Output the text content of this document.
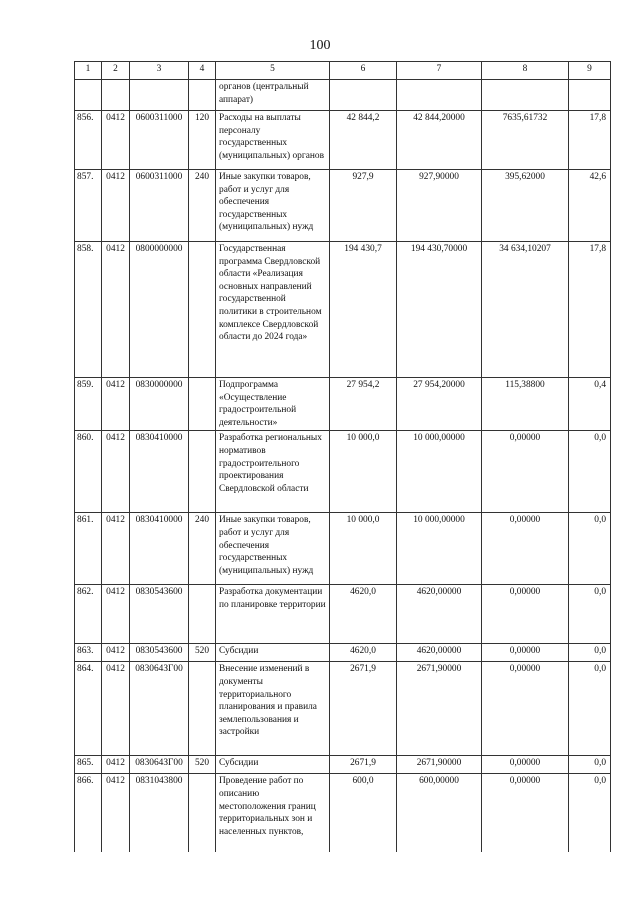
100
1	2	3	4	5	6	7	8	9
				органов (центральный аппарат)				
856.	0412	0600311000	120	Расходы на выплаты персоналу государственных (муниципальных) органов	42 844,2	42 844,20000	7635,61732	17,8
857.	0412	0600311000	240	Иные закупки товаров, работ и услуг для обеспечения государственных (муниципальных) нужд	927,9	927,90000	395,62000	42,6
858.	0412	0800000000		Государственная программа Свердловской области «Реализация основных направлений государственной политики в строительном комплексе Свердловской области до 2024 года»	194 430,7	194 430,70000	34 634,10207	17,8
859.	0412	0830000000		Подпрограмма «Осуществление градостроительной деятельности»	27 954,2	27 954,20000	115,38800	0,4
860.	0412	0830410000		Разработка региональных нормативов градостроительного проектирования Свердловской области	10 000,0	10 000,00000	0,00000	0,0
861.	0412	0830410000	240	Иные закупки товаров, работ и услуг для обеспечения государственных (муниципальных) нужд	10 000,0	10 000,00000	0,00000	0,0
862.	0412	0830543600		Разработка документации по планировке территории	4620,0	4620,00000	0,00000	0,0
863.	0412	0830543600	520	Субсидии	4620,0	4620,00000	0,00000	0,0
864.	0412	083064ЗГ00		Внесение изменений в документы территориального планирования и правила землепользования и застройки	2671,9	2671,90000	0,00000	0,0
865.	0412	083064ЗГ00	520	Субсидии	2671,9	2671,90000	0,00000	0,0
866.	0412	0831043800		Проведение работ по описанию местоположения границ территориальных зон и населенных пунктов,	600,0	600,00000	0,00000	0,0
